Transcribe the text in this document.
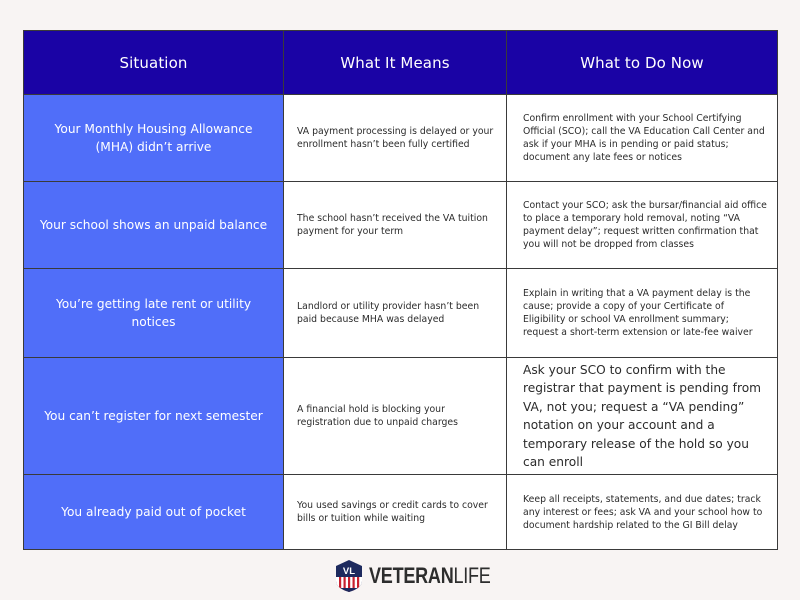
Situation	What It Means	What to Do Now
Your Monthly Housing Allowance (MHA) didn’t arrive	VA payment processing is delayed or your enrollment hasn’t been fully certified	Confirm enrollment with your School Certifying Official (SCO); call the VA Education Call Center and ask if your MHA is in pending or paid status; document any late fees or notices
Your school shows an unpaid balance	The school hasn’t received the VA tuition payment for your term	Contact your SCO; ask the bursar/financial aid office to place a temporary hold removal, noting “VA payment delay”; request written confirmation that you will not be dropped from classes
You’re getting late rent or utility notices	Landlord or utility provider hasn’t been paid because MHA was delayed	Explain in writing that a VA payment delay is the cause; provide a copy of your Certificate of Eligibility or school VA enrollment summary; request a short-term extension or late-fee waiver
You can’t register for next semester	A financial hold is blocking your registration due to unpaid charges	Ask your SCO to confirm with the registrar that payment is pending from VA, not you; request a “VA pending” notation on your account and a temporary release of the hold so you can enroll
You already paid out of pocket	You used savings or credit cards to cover bills or tuition while waiting	Keep all receipts, statements, and due dates; track any interest or fees; ask VA and your school how to document hardship related to the GI Bill delay
VL VETERANLIFE
